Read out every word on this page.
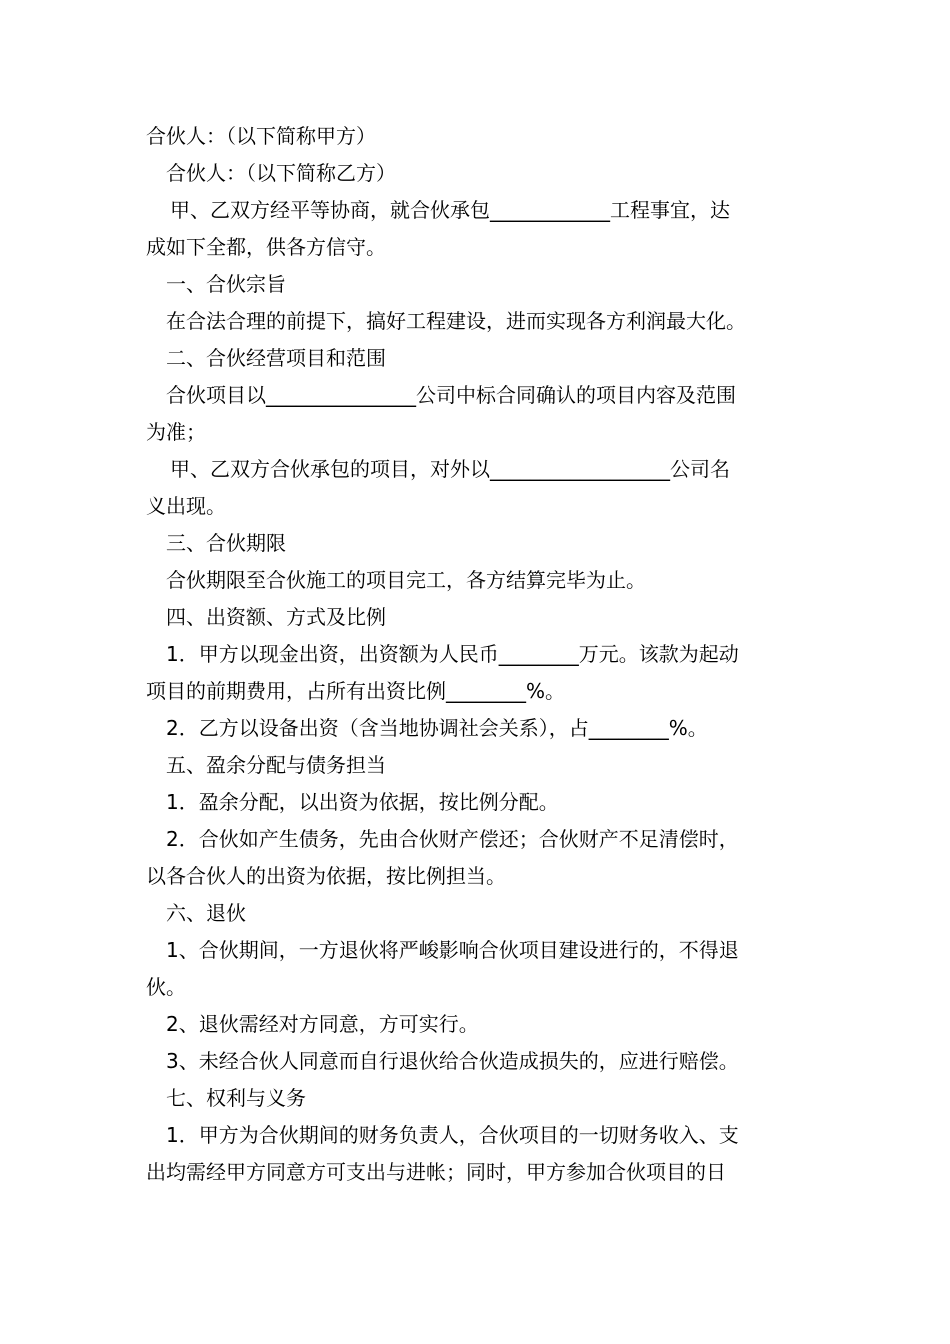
合伙人：（以下简称甲方）
合伙人：（以下简称乙方）
甲、乙双方经平等协商，就合伙承包____________工程事宜，达
成如下全都，供各方信守。
一、合伙宗旨
在合法合理的前提下，搞好工程建设，进而实现各方利润最大化。
二、合伙经营项目和范围
合伙项目以_______________公司中标合同确认的项目内容及范围
为准；
甲、乙双方合伙承包的项目，对外以__________________公司名
义出现。
三、合伙期限
合伙期限至合伙施工的项目完工，各方结算完毕为止。
四、出资额、方式及比例
1．甲方以现金出资，出资额为人民币________万元。该款为起动
项目的前期费用，占所有出资比例________%。
2．乙方以设备出资（含当地协调社会关系），占________%。
五、盈余分配与债务担当
1．盈余分配，以出资为依据，按比例分配。
2．合伙如产生债务，先由合伙财产偿还；合伙财产不足清偿时，
以各合伙人的出资为依据，按比例担当。
六、退伙
1、合伙期间，一方退伙将严峻影响合伙项目建设进行的，不得退
伙。
2、退伙需经对方同意，方可实行。
3、未经合伙人同意而自行退伙给合伙造成损失的，应进行赔偿。
七、权利与义务
1．甲方为合伙期间的财务负责人，合伙项目的一切财务收入、支
出均需经甲方同意方可支出与进帐；同时，甲方参加合伙项目的日
